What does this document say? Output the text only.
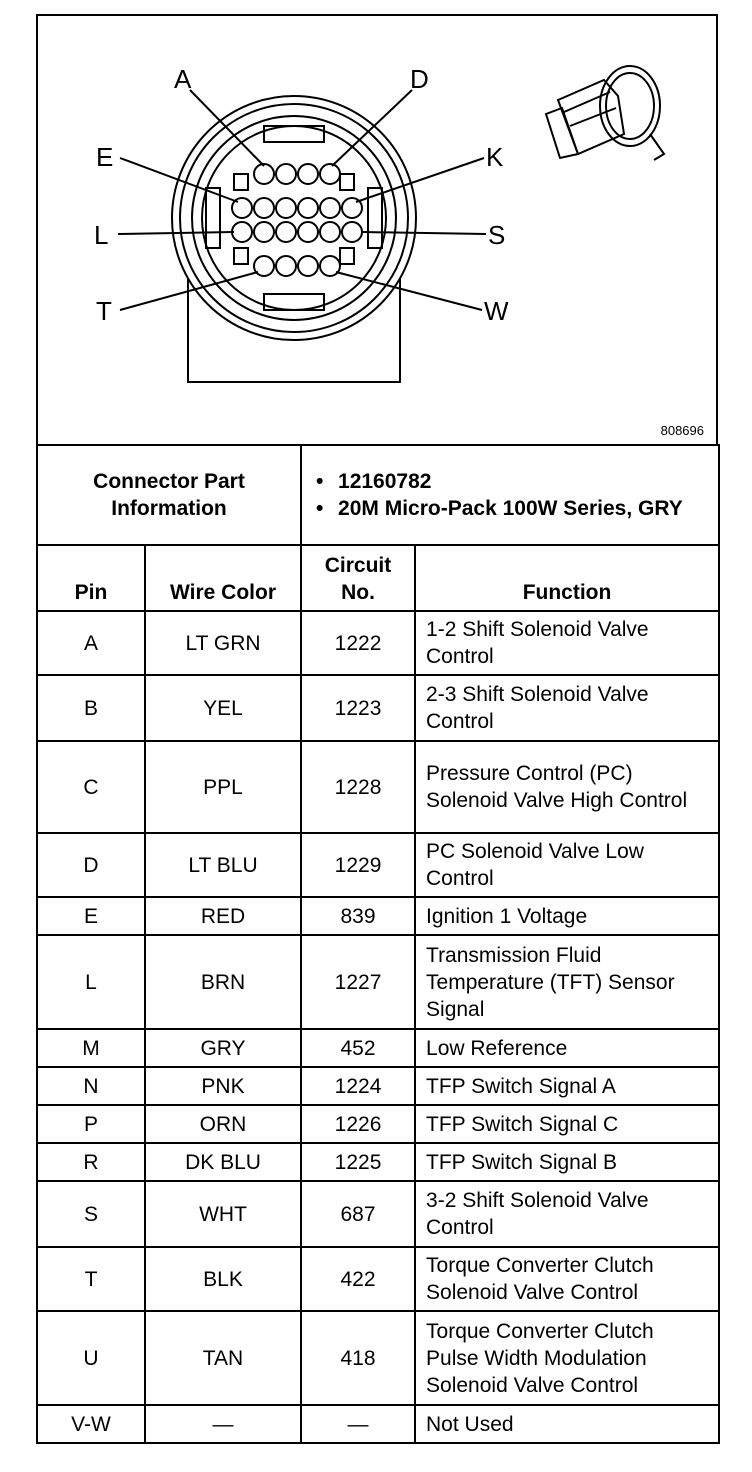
A	D
E	K
L	S
T	W
808696
Connector Part Information		• 12160782
• 20M Micro-Pack 100W Series, GRY	

Pin	Wire Color	Circuit No.	Function
A	LT GRN	1222	1-2 Shift Solenoid Valve Control
B	YEL	1223	2-3 Shift Solenoid Valve Control
C	PPL	1228	Pressure Control (PC) Solenoid Valve High Control
D	LT BLU	1229	PC Solenoid Valve Low Control
E	RED	839	Ignition 1 Voltage
L	BRN	1227	Transmission Fluid Temperature (TFT) Sensor Signal
M	GRY	452	Low Reference
N	PNK	1224	TFP Switch Signal A
P	ORN	1226	TFP Switch Signal C
R	DK BLU	1225	TFP Switch Signal B
S	WHT	687	3-2 Shift Solenoid Valve Control
T	BLK	422	Torque Converter Clutch Solenoid Valve Control
U	TAN	418	Torque Converter Clutch Pulse Width Modulation Solenoid Valve Control
V-W	—	—	Not Used
